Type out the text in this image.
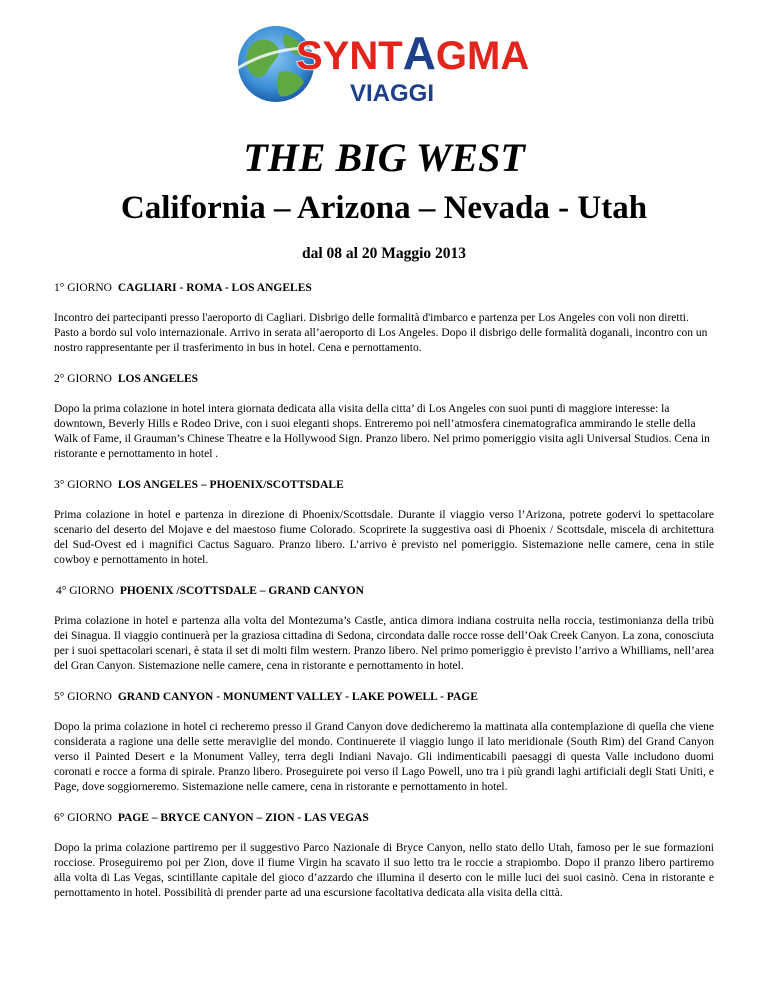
SYNTAGMA
VIAGGI
THE BIG WEST
California – Arizona – Nevada - Utah
dal 08 al 20 Maggio 2013

1° GIORNO CAGLIARI - ROMA - LOS ANGELES

Incontro dei partecipanti presso l'aeroporto di Cagliari. Disbrigo delle formalità d'imbarco e partenza per Los Angeles con voli non diretti. Pasto a bordo sul volo internazionale. Arrivo in serata all’aeroporto di Los Angeles. Dopo il disbrigo delle formalità doganali, incontro con un nostro rappresentante per il trasferimento in bus in hotel. Cena e pernottamento.

2° GIORNO LOS ANGELES

Dopo la prima colazione in hotel intera giornata dedicata alla visita della citta’ di Los Angeles con suoi punti di maggiore interesse: la downtown, Beverly Hills e Rodeo Drive, con i suoi eleganti shops. Entreremo poi nell’atmosfera cinematografica ammirando le stelle della Walk of Fame, il Grauman’s Chinese Theatre e la Hollywood Sign. Pranzo libero. Nel primo pomeriggio visita agli Universal Studios. Cena in ristorante e pernottamento in hotel .

3° GIORNO LOS ANGELES – PHOENIX/SCOTTSDALE

Prima colazione in hotel e partenza in direzione di Phoenix/Scottsdale. Durante il viaggio verso l’Arizona, potrete godervi lo spettacolare scenario del deserto del Mojave e del maestoso fiume Colorado. Scoprirete la suggestiva oasi di Phoenix / Scottsdale, miscela di architettura del Sud-Ovest ed i magnifici Cactus Saguaro. Pranzo libero. L’arrivo è previsto nel pomeriggio. Sistemazione nelle camere, cena in stile cowboy e pernottamento in hotel.

4° GIORNO PHOENIX /SCOTTSDALE – GRAND CANYON

Prima colazione in hotel e partenza alla volta del Montezuma’s Castle, antica dimora indiana costruita nella roccia, testimonianza della tribù dei Sinagua. Il viaggio continuerà per la graziosa cittadina di Sedona, circondata dalle rocce rosse dell’Oak Creek Canyon. La zona, conosciuta per i suoi spettacolari scenari, è stata il set di molti film western. Pranzo libero. Nel primo pomeriggio è previsto l’arrivo a Whilliams, nell’area del Gran Canyon. Sistemazione nelle camere, cena in ristorante e pernottamento in hotel.

5° GIORNO GRAND CANYON - MONUMENT VALLEY - LAKE POWELL - PAGE

Dopo la prima colazione in hotel ci recheremo presso il Grand Canyon dove dedicheremo la mattinata alla contemplazione di quella che viene considerata a ragione una delle sette meraviglie del mondo. Continuerete il viaggio lungo il lato meridionale (South Rim) del Grand Canyon verso il Painted Desert e la Monument Valley, terra degli Indiani Navajo. Gli indimenticabili paesaggi di questa Valle includono duomi coronati e rocce a forma di spirale. Pranzo libero. Proseguirete poi verso il Lago Powell, uno tra i più grandi laghi artificiali degli Stati Uniti, e Page, dove soggiorneremo. Sistemazione nelle camere, cena in ristorante e pernottamento in hotel.

6° GIORNO PAGE – BRYCE CANYON – ZION - LAS VEGAS

Dopo la prima colazione partiremo per il suggestivo Parco Nazionale di Bryce Canyon, nello stato dello Utah, famoso per le sue formazioni rocciose. Proseguiremo poi per Zion, dove il fiume Virgin ha scavato il suo letto tra le roccie a strapiombo. Dopo il pranzo libero partiremo alla volta di Las Vegas, scintillante capitale del gioco d’azzardo che illumina il deserto con le mille luci dei suoi casinò. Cena in ristorante e pernottamento in hotel. Possibilità di prender parte ad una escursione facoltativa dedicata alla visita della città.
